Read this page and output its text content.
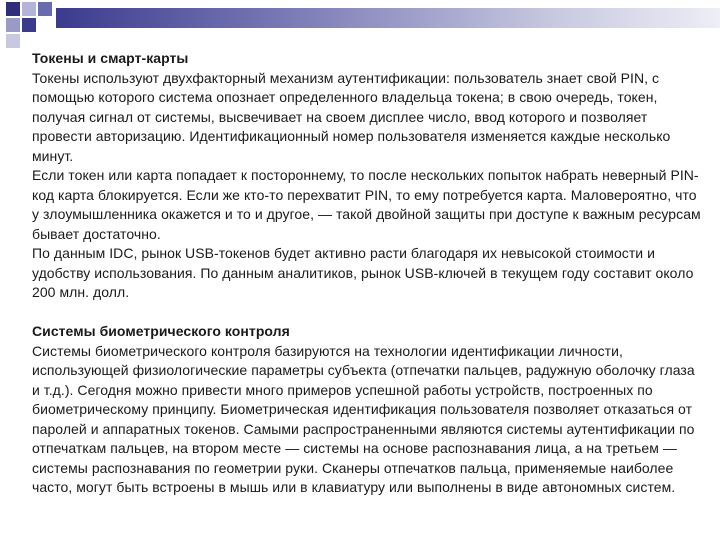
Токены и смарт-карты

Токены используют двухфакторный механизм аутентификации: пользователь знает свой PIN, с помощью которого система опознает определенного владельца токена; в свою очередь, токен, получая сигнал от системы, высвечивает на своем дисплее число, ввод которого и позволяет провести авторизацию. Идентификационный номер пользователя изменяется каждые несколько минут.

Если токен или карта попадает к постороннему, то после нескольких попыток набрать неверный PIN-код карта блокируется. Если же кто-то перехватит PIN, то ему потребуется карта. Маловероятно, что у злоумышленника окажется и то и другое, — такой двойной защиты при доступе к важным ресурсам бывает достаточно.

По данным IDC, рынок USB-токенов будет активно расти благодаря их невысокой стоимости и удобству использования. По данным аналитиков, рынок USB-ключей в текущем году составит около 200 млн. долл.

Системы биометрического контроля

Системы биометрического контроля базируются на технологии идентификации личности, использующей физиологические параметры субъекта (отпечатки пальцев, радужную оболочку глаза и т.д.). Сегодня можно привести много примеров успешной работы устройств, построенных по биометрическому принципу. Биометрическая идентификация пользователя позволяет отказаться от паролей и аппаратных токенов. Самыми распространенными являются системы аутентификации по отпечаткам пальцев, на втором месте — системы на основе распознавания лица, а на третьем — системы распознавания по геометрии руки. Сканеры отпечатков пальца, применяемые наиболее часто, могут быть встроены в мышь или в клавиатуру или выполнены в виде автономных систем.
